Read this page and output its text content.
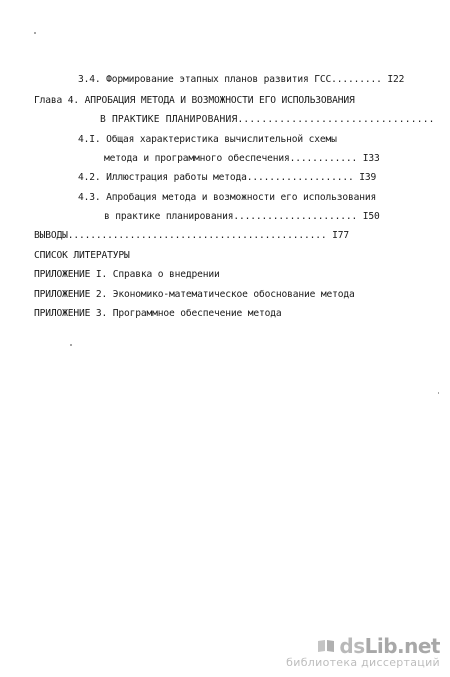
3.4. Формирование этапных планов развития ГСС......... I22
Глава 4. АПРОБАЦИЯ МЕТОДА И ВОЗМОЖНОСТИ ЕГО ИСПОЛЬЗОВАНИЯ
В ПРАКТИКЕ ПЛАНИРОВАНИЯ.................................
4.I. Общая характеристика вычислительной схемы
метода и программного обеспечения............ I33
4.2. Иллюстрация работы метода................... I39
4.3. Апробация метода и возможности его использования
в практике планирования...................... I50
ВЫВОДЫ.............................................. I77
СПИСОК ЛИТЕРАТУРЫ
ПРИЛОЖЕНИЕ I. Справка о внедрении
ПРИЛОЖЕНИЕ 2. Экономико-математическое обоснование метода
ПРИЛОЖЕНИЕ 3. Программное обеспечение метода
dsLib.net
библиотека диссертаций
